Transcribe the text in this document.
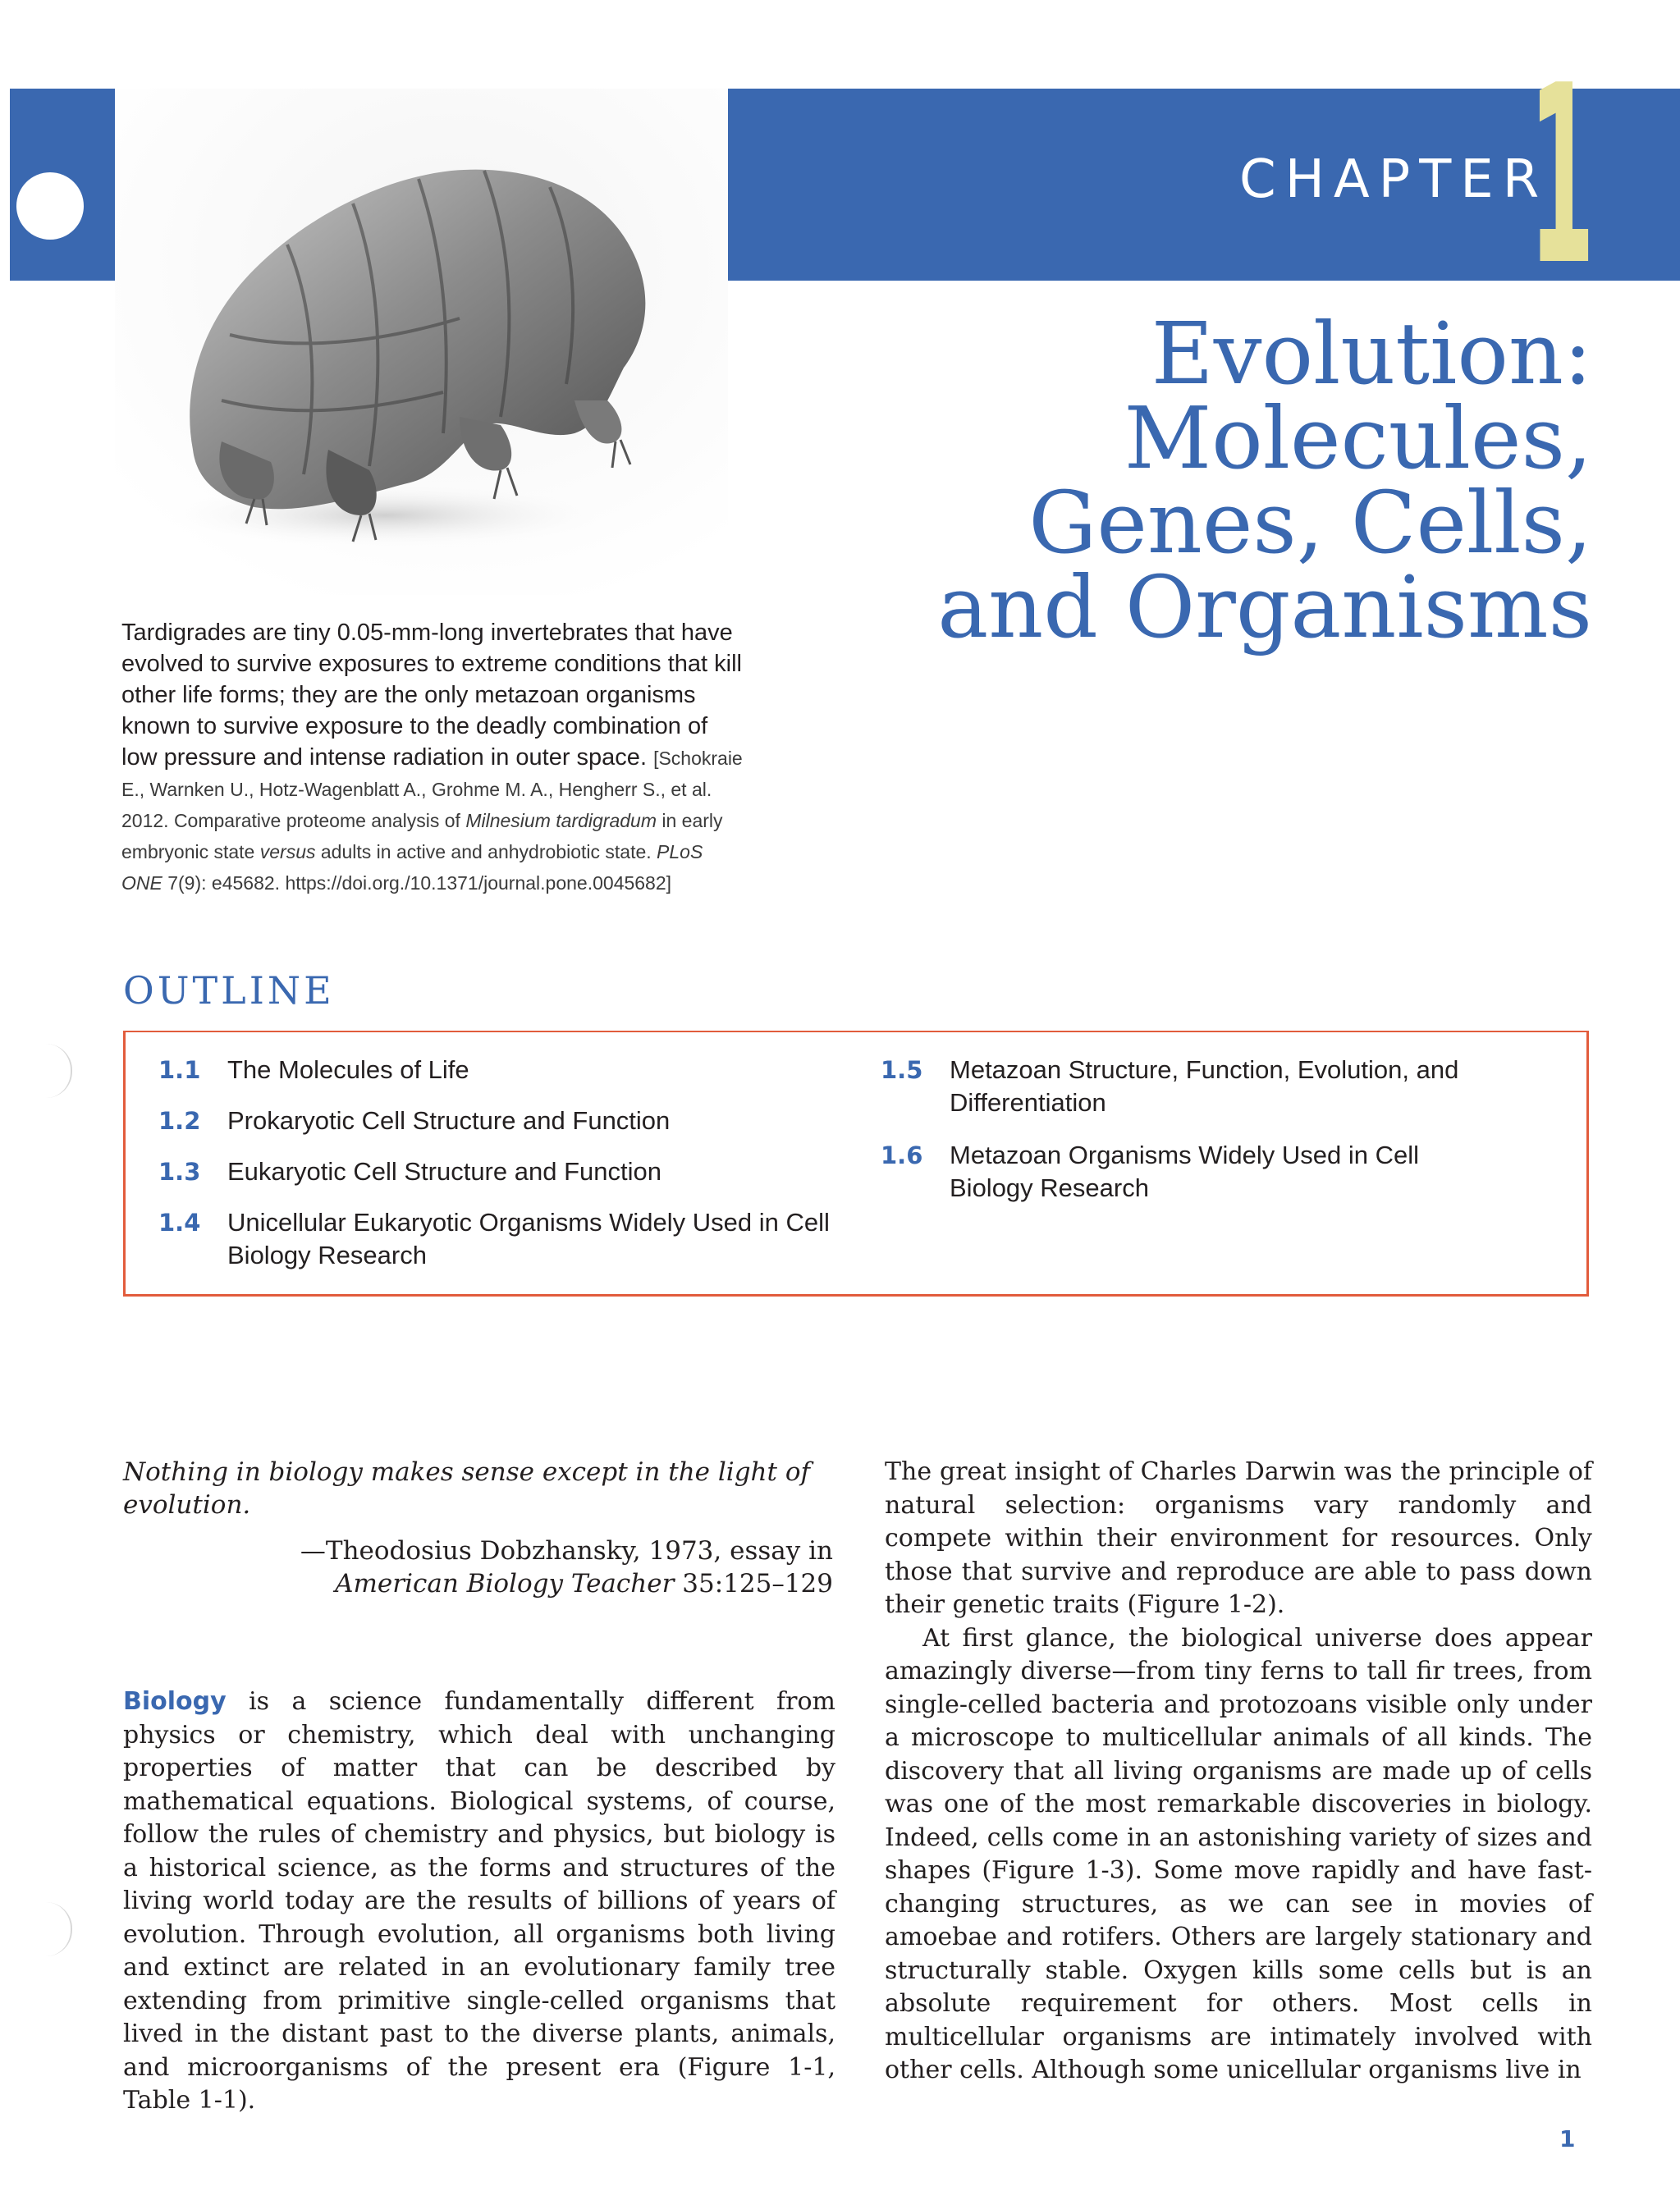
CHAPTER
1
Evolution:
Molecules,
Genes, Cells,
and Organisms
Tardigrades are tiny 0.05-mm-long invertebrates that have evolved to survive exposures to extreme conditions that kill other life forms; they are the only metazoan organisms known to survive exposure to the deadly combination of low pressure and intense radiation in outer space. [Schokraie E., Warnken U., Hotz-Wagenblatt A., Grohme M. A., Hengherr S., et al. 2012. Comparative proteome analysis of Milnesium tardigradum in early embryonic state versus adults in active and anhydrobiotic state. PLoS ONE 7(9): e45682. https://doi.org./10.1371/journal.pone.0045682]
OUTLINE
1.1	The Molecules of Life
1.2	Prokaryotic Cell Structure and Function
1.3	Eukaryotic Cell Structure and Function
1.4	Unicellular Eukaryotic Organisms Widely Used in Cell Biology Research
1.5	Metazoan Structure, Function, Evolution, and Differentiation
1.6	Metazoan Organisms Widely Used in Cell Biology Research
Nothing in biology makes sense except in the light of evolution.
—Theodosius Dobzhansky, 1973, essay in
American Biology Teacher 35:125–129

Biology is a science fundamentally different from physics or chemistry, which deal with unchanging properties of matter that can be described by mathematical equations. Biological systems, of course, follow the rules of chemistry and physics, but biology is a historical science, as the forms and structures of the living world today are the results of billions of years of evolution. Through evolution, all organisms both living and extinct are related in an evolutionary family tree extending from primitive single-celled organisms that lived in the distant past to the diverse plants, animals, and microorganisms of the present era (Figure 1-1, Table 1-1).

The great insight of Charles Darwin was the principle of natural selection: organisms vary randomly and compete within their environment for resources. Only those that survive and reproduce are able to pass down their genetic traits (Figure 1-2).

At first glance, the biological universe does appear amazingly diverse—from tiny ferns to tall fir trees, from single-celled bacteria and protozoans visible only under a microscope to multicellular animals of all kinds. The discovery that all living organisms are made up of cells was one of the most remarkable discoveries in biology. Indeed, cells come in an astonishing variety of sizes and shapes (Figure 1-3). Some move rapidly and have fast-changing structures, as we can see in movies of amoebae and rotifers. Others are largely stationary and structurally stable. Oxygen kills some cells but is an absolute requirement for others. Most cells in multicellular organisms are intimately involved with other cells. Although some unicellular organisms live in

1
